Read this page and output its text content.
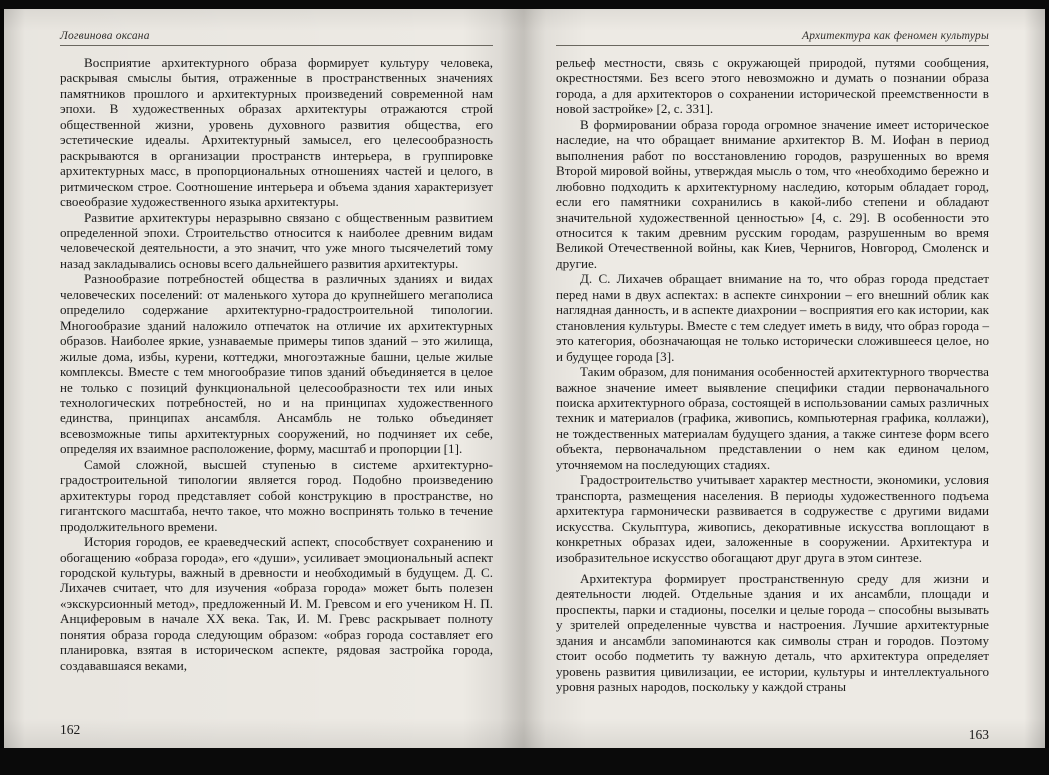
Логвинова оксана

Восприятие архитектурного образа формирует культуру человека, раскрывая смыслы бытия, отраженные в пространственных значениях памятников прошлого и архитектурных произведений современной нам эпохи. В художественных образах архитектуры отражаются строй общественной жизни, уровень духовного развития общества, его эстетические идеалы. Архитектурный замысел, его целесообразность раскрываются в организации пространств интерьера, в группировке архитектурных масс, в пропорциональных отношениях частей и целого, в ритмическом строе. Соотношение интерьера и объема здания характеризует своеобразие художественного языка архитектуры.

Развитие архитектуры неразрывно связано с общественным развитием определенной эпохи. Строительство относится к наиболее древним видам человеческой деятельности, а это значит, что уже много тысячелетий тому назад закладывались основы всего дальнейшего развития архитектуры.

Разнообразие потребностей общества в различных зданиях и видах человеческих поселений: от маленького хутора до крупнейшего мегаполиса определило содержание архитектурно-градостроительной типологии. Многообразие зданий наложило отпечаток на отличие их архитектурных образов. Наиболее яркие, узнаваемые примеры типов зданий – это жилища, жилые дома, избы, курени, коттеджи, многоэтажные башни, целые жилые комплексы. Вместе с тем многообразие типов зданий объединяется в целое не только с позиций функциональной целесообразности тех или иных технологических потребностей, но и на принципах художественного единства, принципах ансамбля. Ансамбль не только объединяет всевозможные типы архитектурных сооружений, но подчиняет их себе, определяя их взаимное расположение, форму, масштаб и пропорции [1].

Самой сложной, высшей ступенью в системе архитектурно-градостроительной типологии является город. Подобно произведению архитектуры город представляет собой конструкцию в пространстве, но гигантского масштаба, нечто такое, что можно воспринять только в течение продолжительного времени.

История городов, ее краеведческий аспект, способствует сохранению и обогащению «образа города», его «души», усиливает эмоциональный аспект городской культуры, важный в древности и необходимый в будущем. Д. С. Лихачев считает, что для изучения «образа города» может быть полезен «экскурсионный метод», предложенный И. М. Гревсом и его учеником Н. П. Анциферовым в начале XX века. Так, И. М. Гревс раскрывает полноту понятия образа города следующим образом: «образ города составляет его планировка, взятая в историческом аспекте, рядовая застройка города, создававшаяся веками,

162
Архитектура как феномен культуры

рельеф местности, связь с окружающей природой, путями сообщения, окрестностями. Без всего этого невозможно и думать о познании образа города, а для архитекторов о сохранении исторической преемственности в новой застройке» [2, с. 331].

В формировании образа города огромное значение имеет историческое наследие, на что обращает внимание архитектор В. М. Иофан в период выполнения работ по восстановлению городов, разрушенных во время Второй мировой войны, утверждая мысль о том, что «необходимо бережно и любовно подходить к архитектурному наследию, которым обладает город, если его памятники сохранились в какой-либо степени и обладают значительной художественной ценностью» [4, с. 29]. В особенности это относится к таким древним русским городам, разрушенным во время Великой Отечественной войны, как Киев, Чернигов, Новгород, Смоленск и другие.

Д. С. Лихачев обращает внимание на то, что образ города предстает перед нами в двух аспектах: в аспекте синхронии – его внешний облик как наглядная данность, и в аспекте диахронии – восприятия его как истории, как становления культуры. Вместе с тем следует иметь в виду, что образ города – это категория, обозначающая не только исторически сложившееся целое, но и будущее города [3].

Таким образом, для понимания особенностей архитектурного творчества важное значение имеет выявление специфики стадии первоначального поиска архитектурного образа, состоящей в использовании самых различных техник и материалов (графика, живопись, компьютерная графика, коллажи), не тождественных материалам будущего здания, а также синтезе форм всего объекта, первоначальном представлении о нем как едином целом, уточняемом на последующих стадиях.

Градостроительство учитывает характер местности, экономики, условия транспорта, размещения населения. В периоды художественного подъема архитектура гармонически развивается в содружестве с другими видами искусства. Скульптура, живопись, декоративные искусства воплощают в конкретных образах идеи, заложенные в сооружении. Архитектура и изобразительное искусство обогащают друг друга в этом синтезе.

Архитектура формирует пространственную среду для жизни и деятельности людей. Отдельные здания и их ансамбли, площади и проспекты, парки и стадионы, поселки и целые города – способны вызывать у зрителей определенные чувства и настроения. Лучшие архитектурные здания и ансамбли запоминаются как символы стран и городов. Поэтому стоит особо подметить ту важную деталь, что архитектура определяет уровень развития цивилизации, ее истории, культуры и интеллектуального уровня разных народов, поскольку у каждой страны

163
